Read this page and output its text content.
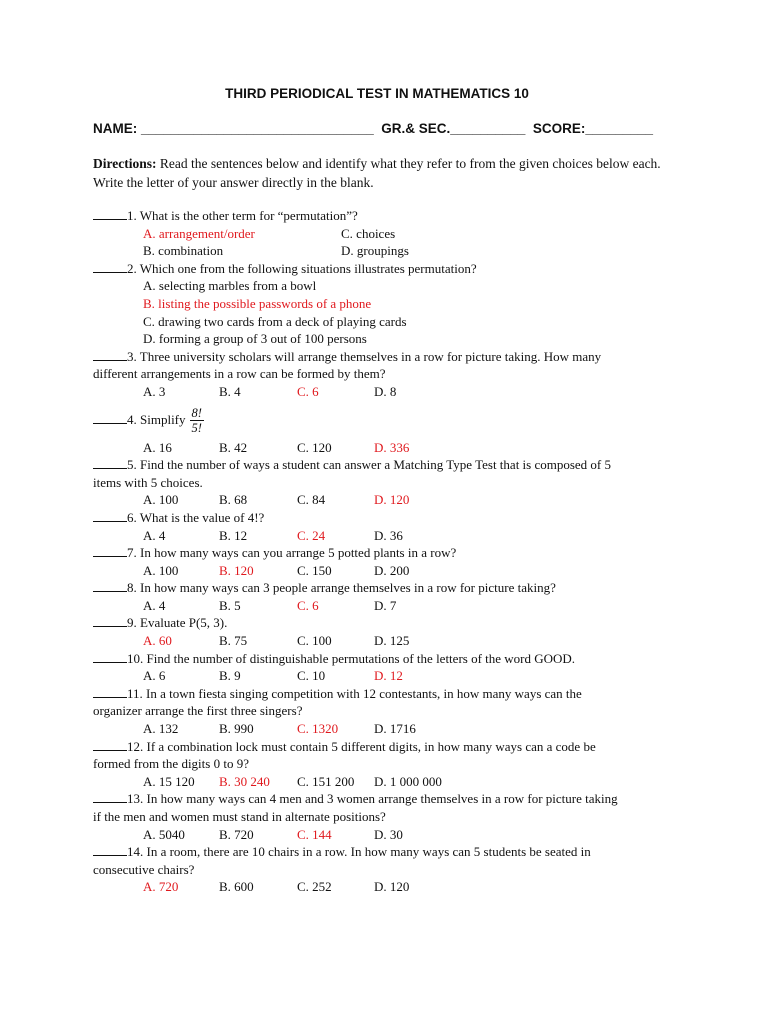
THIRD PERIODICAL TEST IN MATHEMATICS 10
NAME: _______________________________ GR.& SEC.__________ SCORE:_________
Directions: Read the sentences below and identify what they refer to from the given choices below each. Write the letter of your answer directly in the blank.
1. What is the other term for “permutation”?
A. arrangement/order	C. choices
B. combination	D. groupings
2. Which one from the following situations illustrates permutation?
A. selecting marbles from a bowl
B. listing the possible passwords of a phone
C. drawing two cards from a deck of playing cards
D. forming a group of 3 out of 100 persons
3. Three university scholars will arrange themselves in a row for picture taking. How many
different arrangements in a row can be formed by them?
A. 3	B. 4	C. 6	D. 8
4. Simplify $\frac{8!}{5!}$
A. 16	B. 42	C. 120	D. 336
5. Find the number of ways a student can answer a Matching Type Test that is composed of 5
items with 5 choices.
A. 100	B. 68	C. 84	D. 120
6. What is the value of 4!?
A. 4	B. 12	C. 24	D. 36
7. In how many ways can you arrange 5 potted plants in a row?
A. 100	B. 120	C. 150	D. 200
8. In how many ways can 3 people arrange themselves in a row for picture taking?
A. 4	B. 5	C. 6	D. 7
9. Evaluate P(5, 3).
A. 60	B. 75	C. 100	D. 125
10. Find the number of distinguishable permutations of the letters of the word GOOD.
A. 6	B. 9	C. 10	D. 12
11. In a town fiesta singing competition with 12 contestants, in how many ways can the
organizer arrange the first three singers?
A. 132	B. 990	C. 1320	D. 1716
12. If a combination lock must contain 5 different digits, in how many ways can a code be
formed from the digits 0 to 9?
A. 15 120 B. 30 240 C. 151 200 D. 1 000 000
13. In how many ways can 4 men and 3 women arrange themselves in a row for picture taking
if the men and women must stand in alternate positions?
A. 5040	B. 720	C. 144	D. 30
14. In a room, there are 10 chairs in a row. In how many ways can 5 students be seated in
consecutive chairs?
A. 720	B. 600	C. 252	D. 120
